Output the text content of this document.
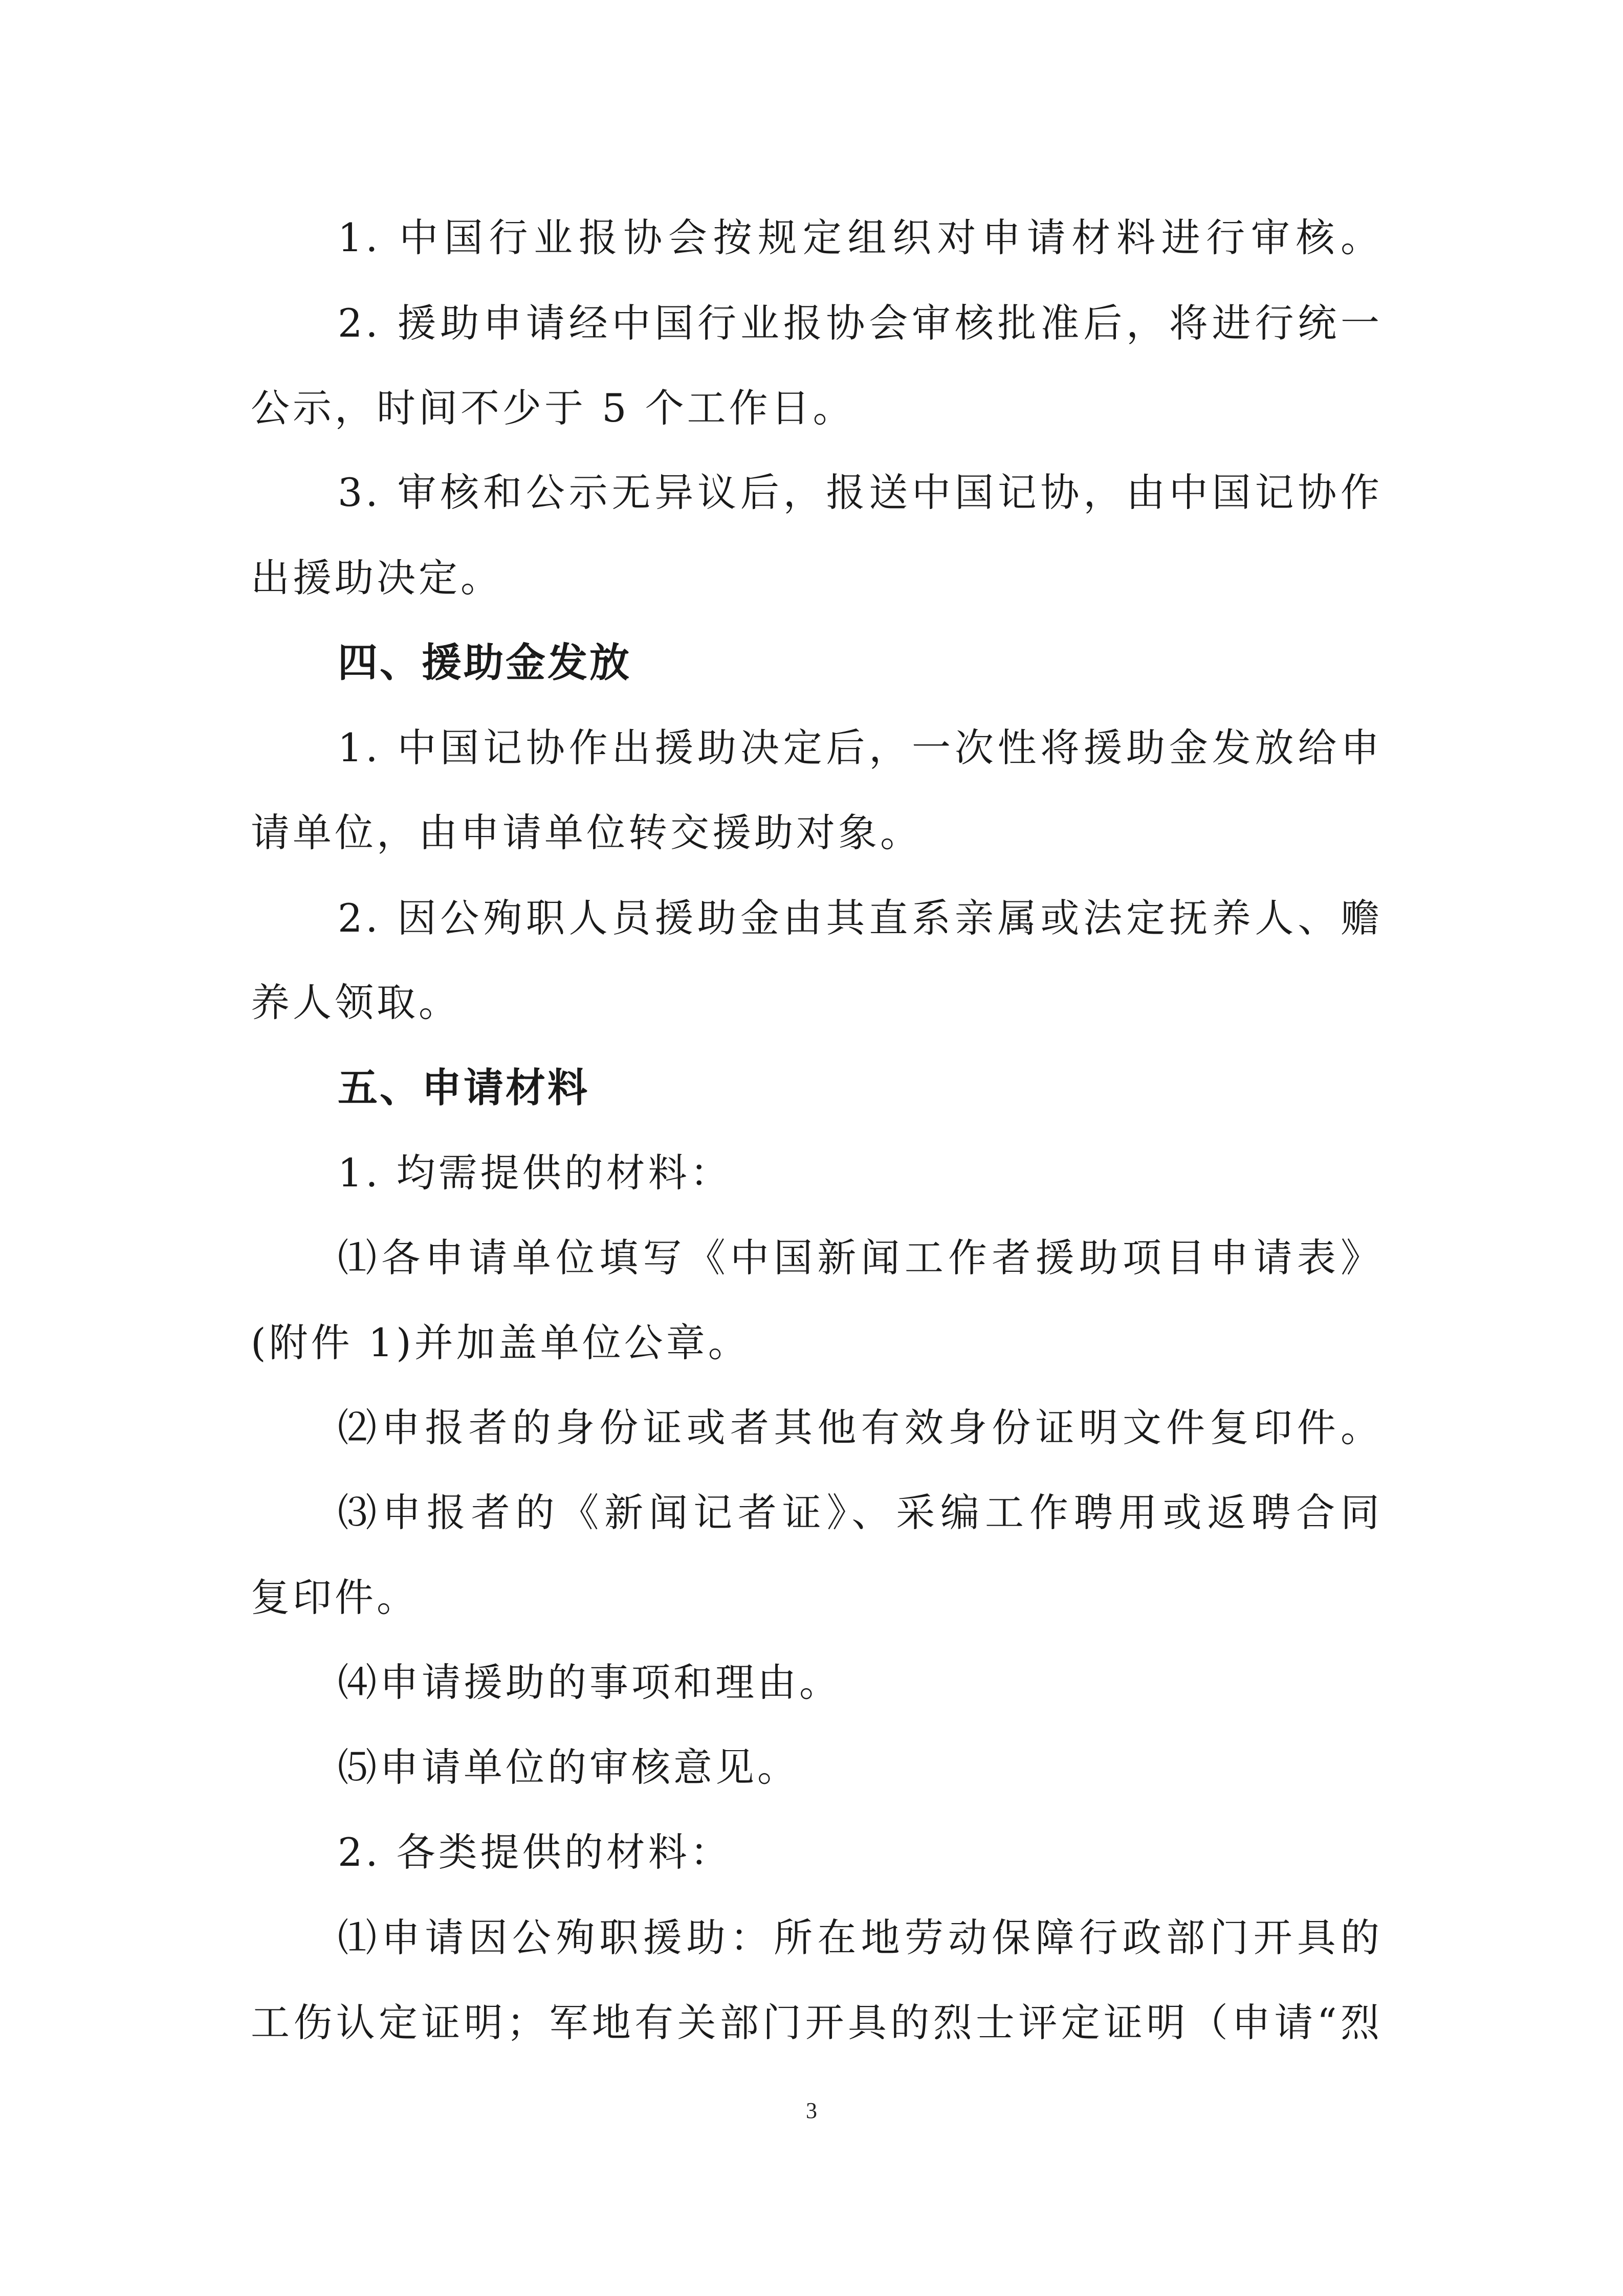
1. 中国行业报协会按规定组织对申请材料进行审核。
2. 援助申请经中国行业报协会审核批准后，将进行统一
公示，时间不少于 5 个工作日。
3. 审核和公示无异议后，报送中国记协，由中国记协作
出援助决定。
四、援助金发放
1. 中国记协作出援助决定后，一次性将援助金发放给申
请单位，由申请单位转交援助对象。
2. 因公殉职人员援助金由其直系亲属或法定抚养人、赡
养人领取。
五、申请材料
1. 均需提供的材料：
⑴各申请单位填写《中国新闻工作者援助项目申请表》
(附件 1)并加盖单位公章。
⑵申报者的身份证或者其他有效身份证明文件复印件。
⑶申报者的《新闻记者证》、采编工作聘用或返聘合同
复印件。
⑷申请援助的事项和理由。
⑸申请单位的审核意见。
2. 各类提供的材料：
⑴申请因公殉职援助：所在地劳动保障行政部门开具的
工伤认定证明；军地有关部门开具的烈士评定证明（申请“烈
3
